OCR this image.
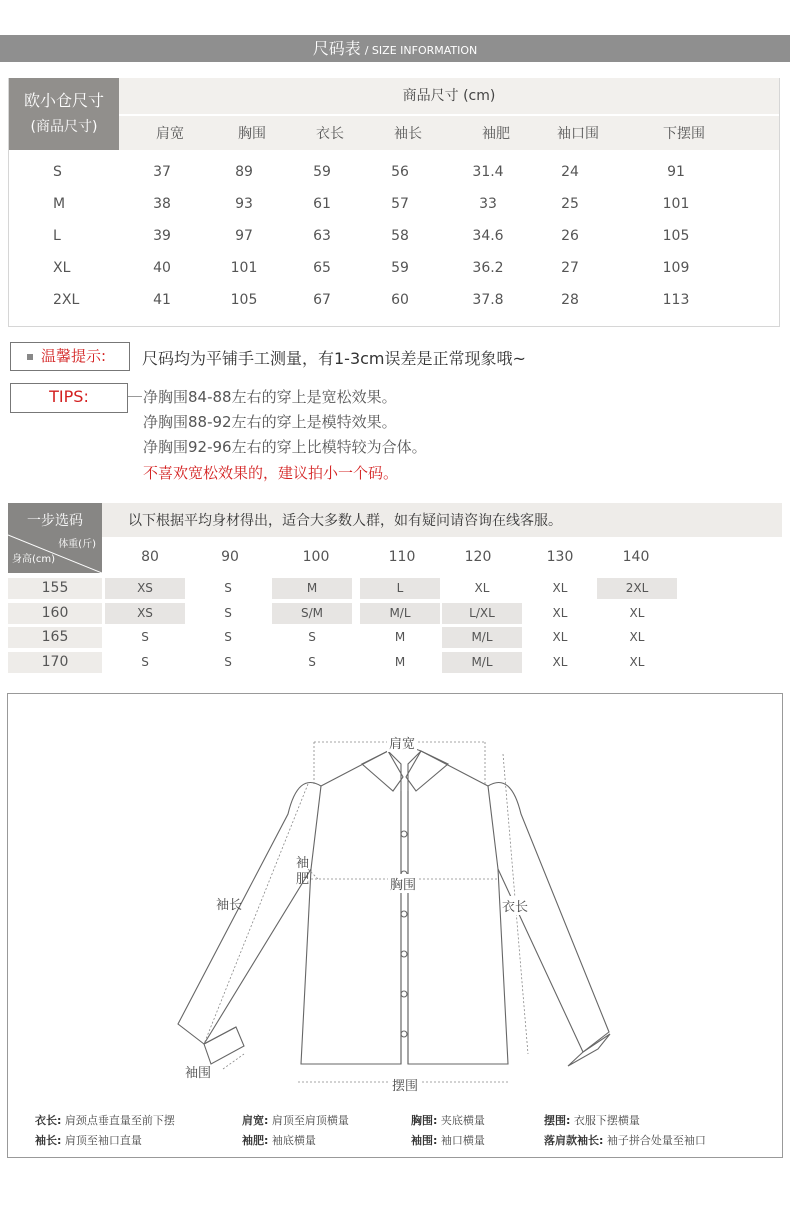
尺码表 / SIZE INFORMATION
欧小仓尺寸
(商品尺寸)
商品尺寸 (cm)
肩宽	胸围	衣长	袖长	袖肥	袖口围	下摆围
S	37	89	59	56	31.4	24	91
M	38	93	61	57	33	25	101
L	39	97	63	58	34.6	26	105
XL	40	101	65	59	36.2	27	109
2XL	41	105	67	60	37.8	28	113
温馨提示: 尺码均为平铺手工测量，有1-3cm误差是正常现象哦~
TIPS:	净胸围84-88左右的穿上是宽松效果。
净胸围88-92左右的穿上是模特效果。
净胸围92-96左右的穿上比模特较为合体。
不喜欢宽松效果的，建议拍小一个码。
一步选码
体重(斤)
身高(cm)
以下根据平均身材得出，适合大多数人群，如有疑问请咨询在线客服。
80	90	100	110	120	130	140
155	XS	S	M	L	XL	XL	2XL
160	XS	S	S/M	M/L	L/XL	XL	XL
165	S	S	S	M	M/L	XL	XL
170	S	S	S	M	M/L	XL	XL
肩宽
袖
肥
袖长
胸围
衣长
袖围
摆围
衣长: 肩颈点垂直量至前下摆	肩宽: 肩顶至肩顶横量	胸围: 夹底横量	摆围: 衣服下摆横量
袖长: 肩顶至袖口直量	袖肥: 袖底横量	袖围: 袖口横量	落肩款袖长: 袖子拼合处量至袖口
